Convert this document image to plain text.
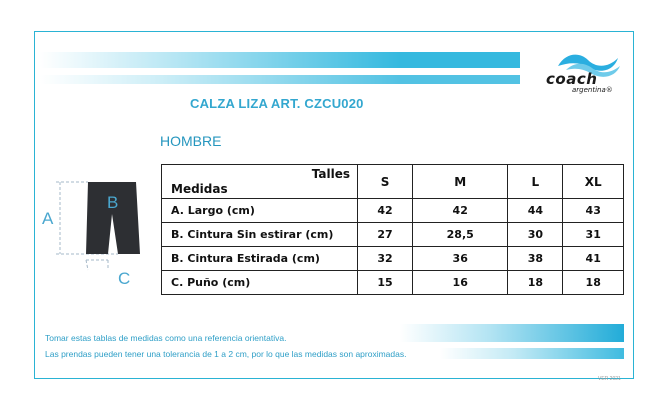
coach
argentina®
CALZA LIZA ART. CZCU020
HOMBRE
A
B
C
Talles
Medidas	S	M	L	XL
A. Largo (cm)	42	42	44	43
B. Cintura Sin estirar (cm)	27	28,5	30	31
B. Cintura Estirada (cm)	32	36	38	41
C. Puño (cm)	15	16	18	18
Tomar estas tablas de medidas como una referencia orientativa.
Las prendas pueden tener una tolerancia de 1 a 2 cm, por lo que las medidas son aproximadas.
VER 2021
